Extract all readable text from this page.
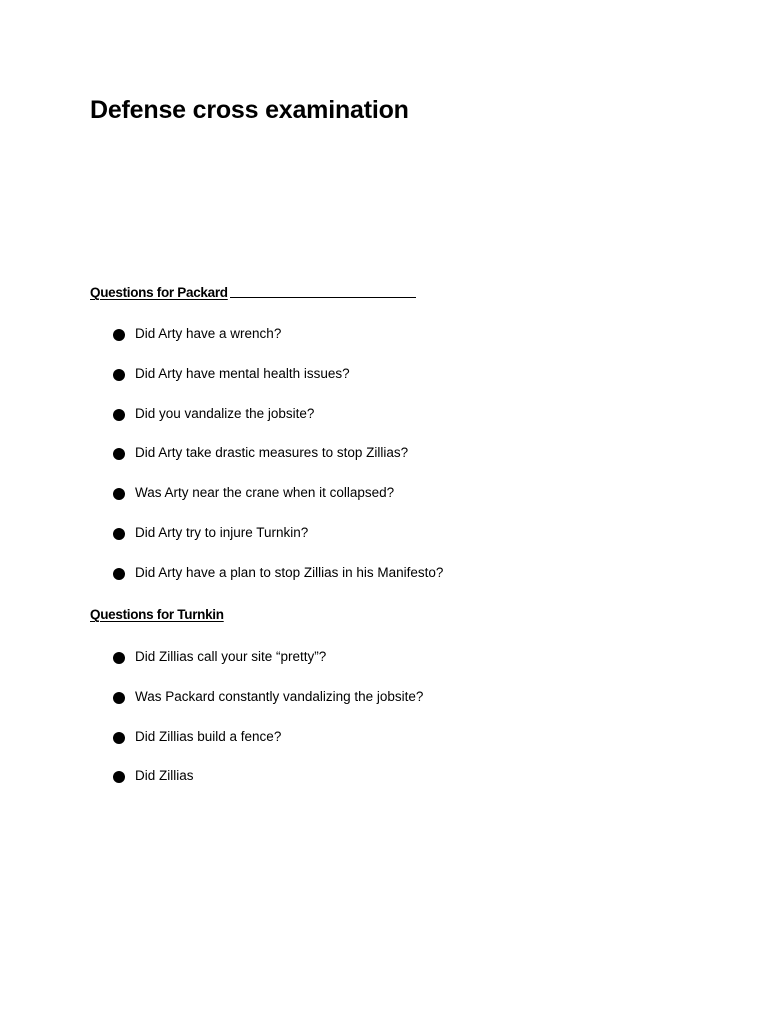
Defense cross examination
Questions for Packard
Did Arty have a wrench?
Did Arty have mental health issues?
Did you vandalize the jobsite?
Did Arty take drastic measures to stop Zillias?
Was Arty near the crane when it collapsed?
Did Arty try to injure Turnkin?
Did Arty have a plan to stop Zillias in his Manifesto?
Questions for Turnkin
Did Zillias call your site “pretty”?
Was Packard constantly vandalizing the jobsite?
Did Zillias build a fence?
Did Zillias
